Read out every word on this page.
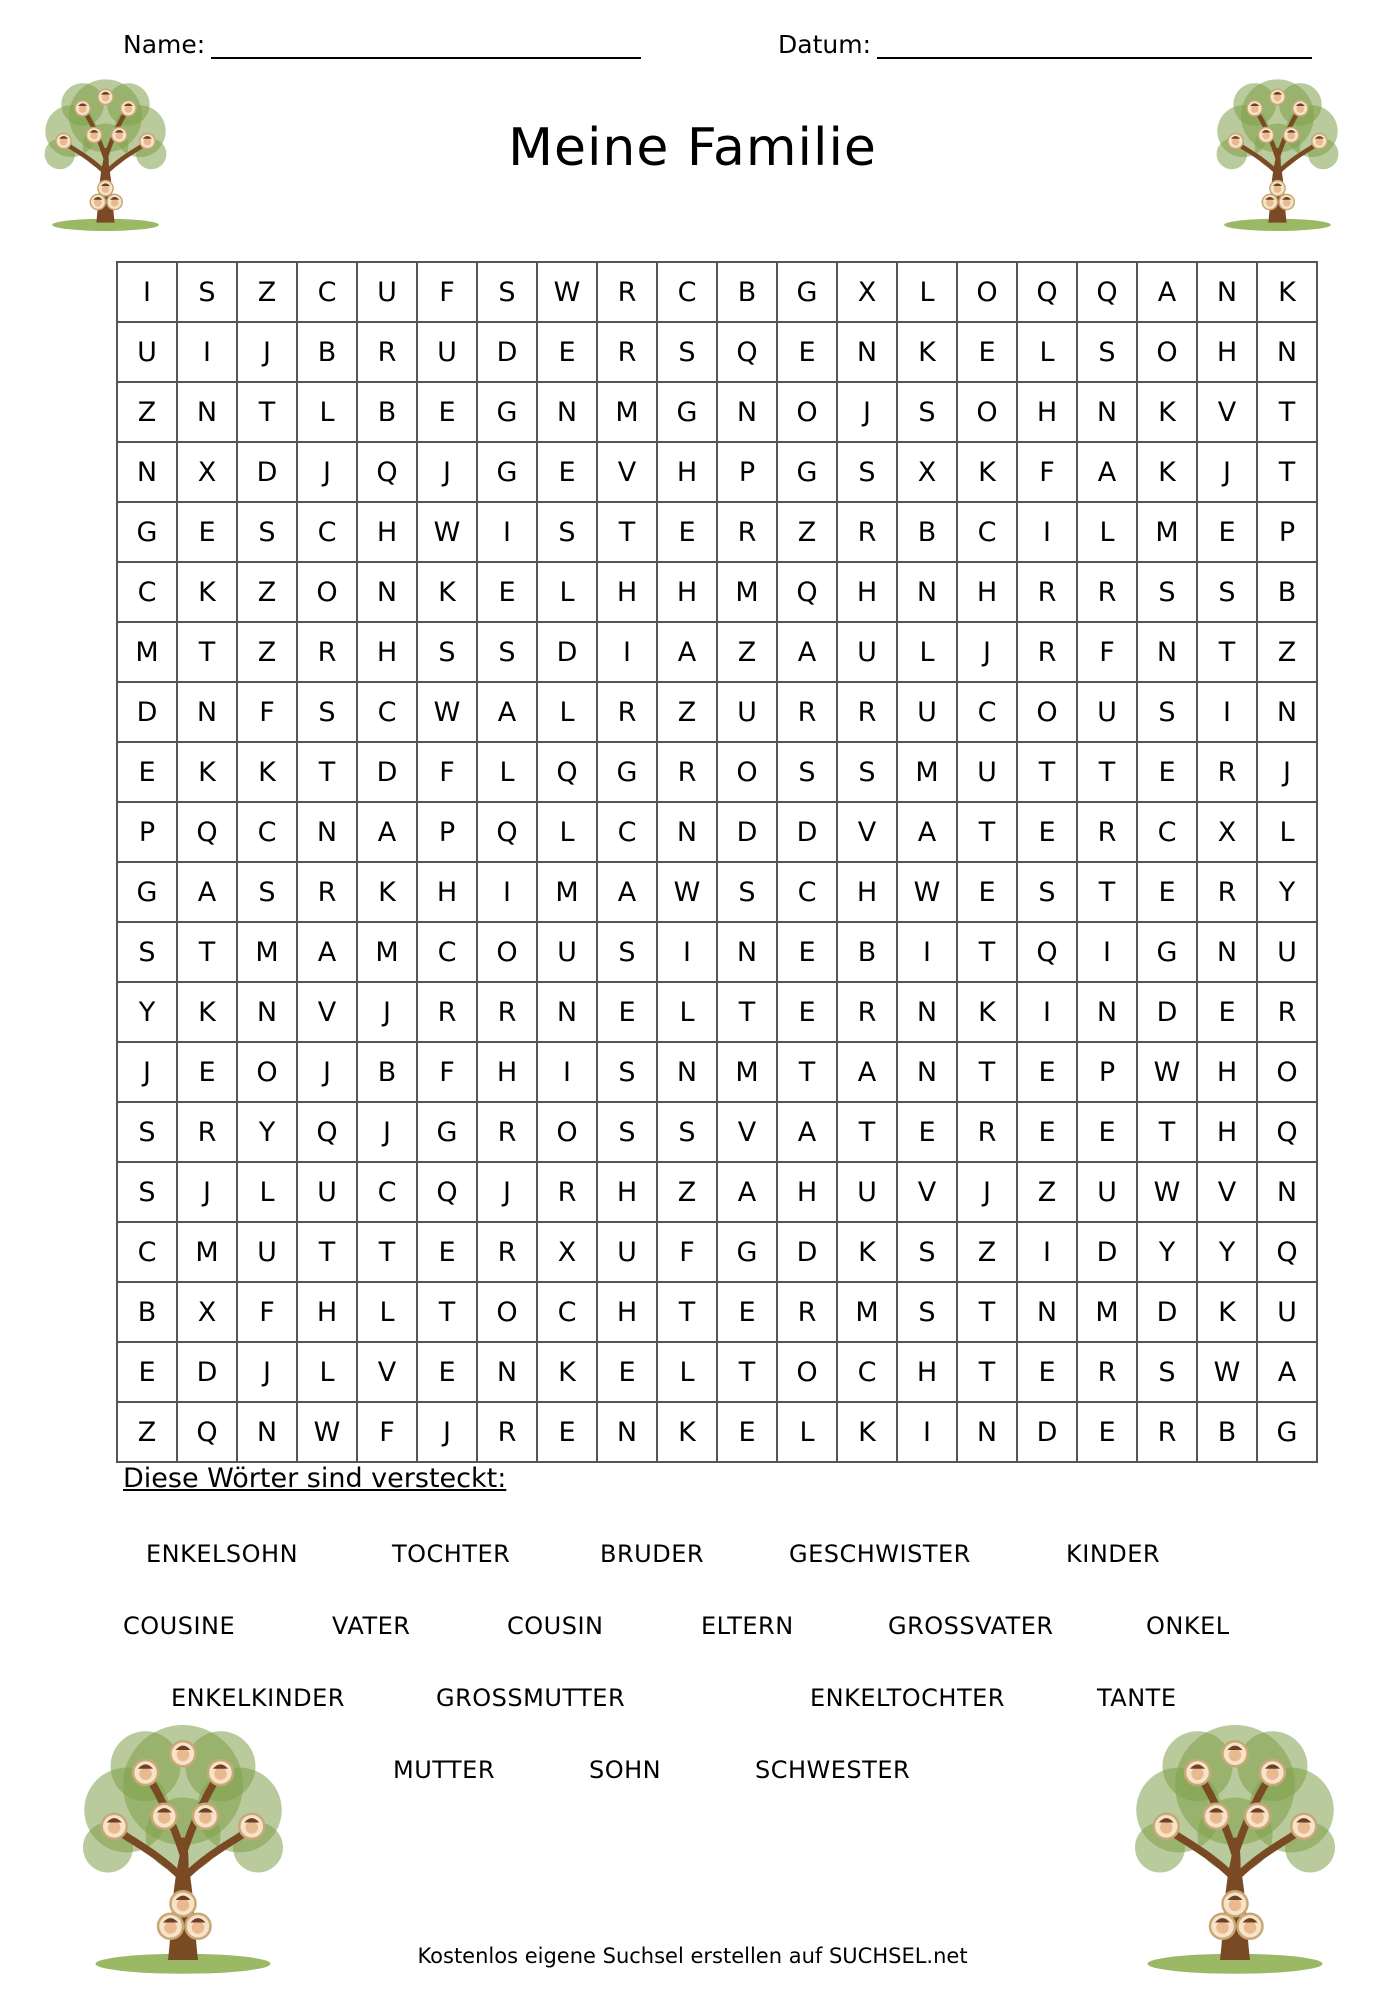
Name:	Datum:
Meine Familie
I	S	Z	C	U	F	S	W	R	C	B	G	X	L	O	Q	Q	A	N	K
U	I	J	B	R	U	D	E	R	S	Q	E	N	K	E	L	S	O	H	N
Z	N	T	L	B	E	G	N	M	G	N	O	J	S	O	H	N	K	V	T
N	X	D	J	Q	J	G	E	V	H	P	G	S	X	K	F	A	K	J	T
G	E	S	C	H	W	I	S	T	E	R	Z	R	B	C	I	L	M	E	P
C	K	Z	O	N	K	E	L	H	H	M	Q	H	N	H	R	R	S	S	B
M	T	Z	R	H	S	S	D	I	A	Z	A	U	L	J	R	F	N	T	Z
D	N	F	S	C	W	A	L	R	Z	U	R	R	U	C	O	U	S	I	N
E	K	K	T	D	F	L	Q	G	R	O	S	S	M	U	T	T	E	R	J
P	Q	C	N	A	P	Q	L	C	N	D	D	V	A	T	E	R	C	X	L
G	A	S	R	K	H	I	M	A	W	S	C	H	W	E	S	T	E	R	Y
S	T	M	A	M	C	O	U	S	I	N	E	B	I	T	Q	I	G	N	U
Y	K	N	V	J	R	R	N	E	L	T	E	R	N	K	I	N	D	E	R
J	E	O	J	B	F	H	I	S	N	M	T	A	N	T	E	P	W	H	O
S	R	Y	Q	J	G	R	O	S	S	V	A	T	E	R	E	E	T	H	Q
S	J	L	U	C	Q	J	R	H	Z	A	H	U	V	J	Z	U	W	V	N
C	M	U	T	T	E	R	X	U	F	G	D	K	S	Z	I	D	Y	Y	Q
B	X	F	H	L	T	O	C	H	T	E	R	M	S	T	N	M	D	K	U
E	D	J	L	V	E	N	K	E	L	T	O	C	H	T	E	R	S	W	A
Z	Q	N	W	F	J	R	E	N	K	E	L	K	I	N	D	E	R	B	G
Diese Wörter sind versteckt:
ENKELSOHN	TOCHTER	BRUDER	GESCHWISTER	KINDER
COUSINE	VATER	COUSIN	ELTERN	GROSSVATER	ONKEL
ENKELKINDER	GROSSMUTTER	ENKELTOCHTER	TANTE
MUTTER	SOHN	SCHWESTER
Kostenlos eigene Suchsel erstellen auf SUCHSEL.net
